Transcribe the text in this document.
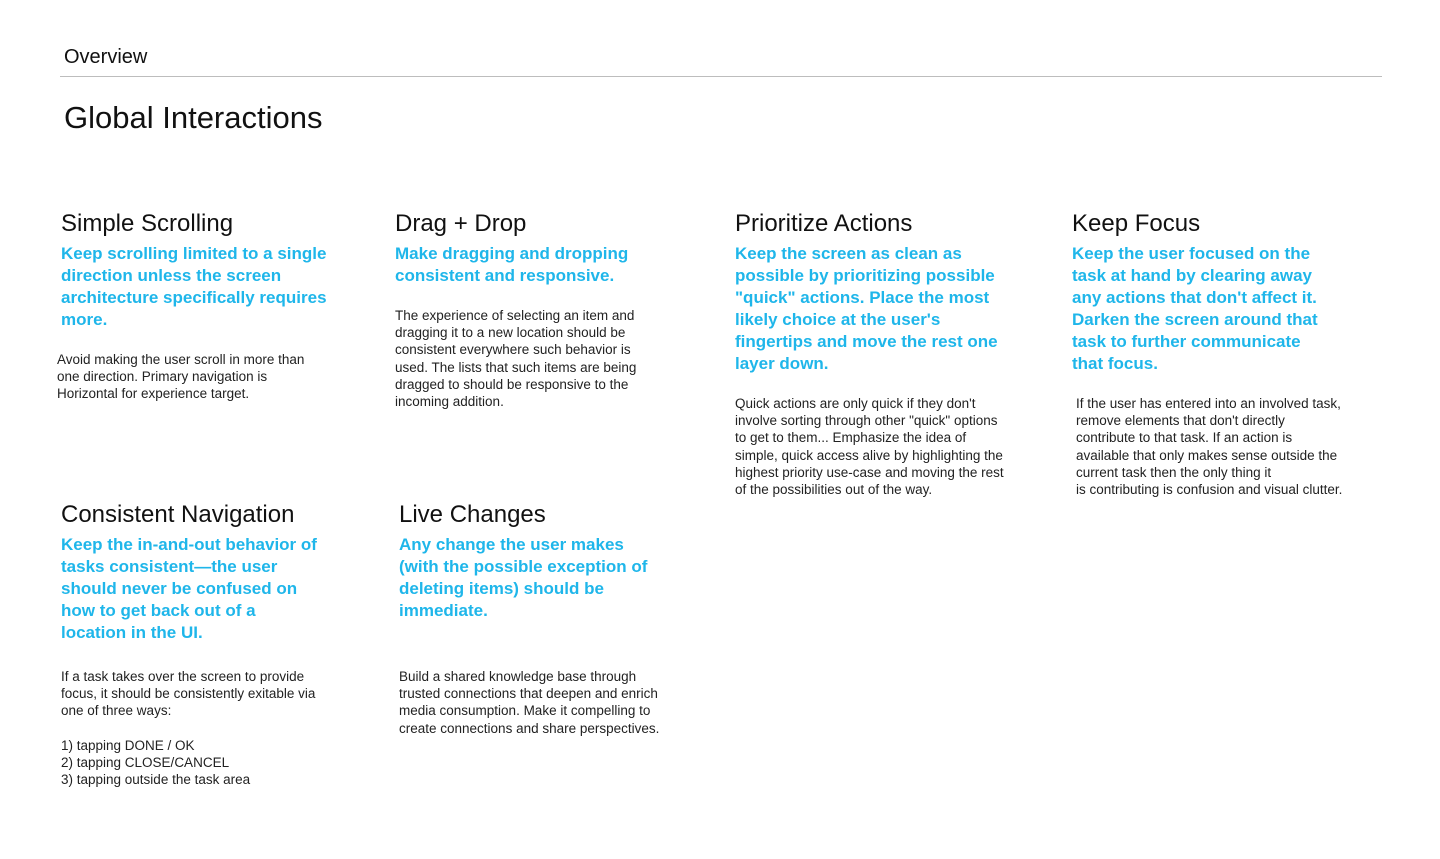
Overview
Global Interactions
Simple Scrolling
Keep scrolling limited to a single
direction unless the screen
architecture specifically requires
more.
Avoid making the user scroll in more than
one direction. Primary navigation is
Horizontal for experience target.
Drag + Drop
Make dragging and dropping
consistent and responsive.
The experience of selecting an item and
dragging it to a new location should be
consistent everywhere such behavior is
used. The lists that such items are being
dragged to should be responsive to the
incoming addition.
Prioritize Actions
Keep the screen as clean as
possible by prioritizing possible
"quick" actions. Place the most
likely choice at the user's
fingertips and move the rest one
layer down.
Quick actions are only quick if they don't
involve sorting through other "quick" options
to get to them... Emphasize the idea of
simple, quick access alive by highlighting the
highest priority use-case and moving the rest
of the possibilities out of the way.
Keep Focus
Keep the user focused on the
task at hand by clearing away
any actions that don't affect it.
Darken the screen around that
task to further communicate
that focus.
If the user has entered into an involved task,
remove elements that don't directly
contribute to that task. If an action is
available that only makes sense outside the
current task then the only thing it
is contributing is confusion and visual clutter.
Consistent Navigation
Keep the in-and-out behavior of
tasks consistent—the user
should never be confused on
how to get back out of a
location in the UI.
If a task takes over the screen to provide
focus, it should be consistently exitable via
one of three ways:

1) tapping DONE / OK
2) tapping CLOSE/CANCEL
3) tapping outside the task area
Live Changes
Any change the user makes
(with the possible exception of
deleting items) should be
immediate.
Build a shared knowledge base through
trusted connections that deepen and enrich
media consumption. Make it compelling to
create connections and share perspectives.
